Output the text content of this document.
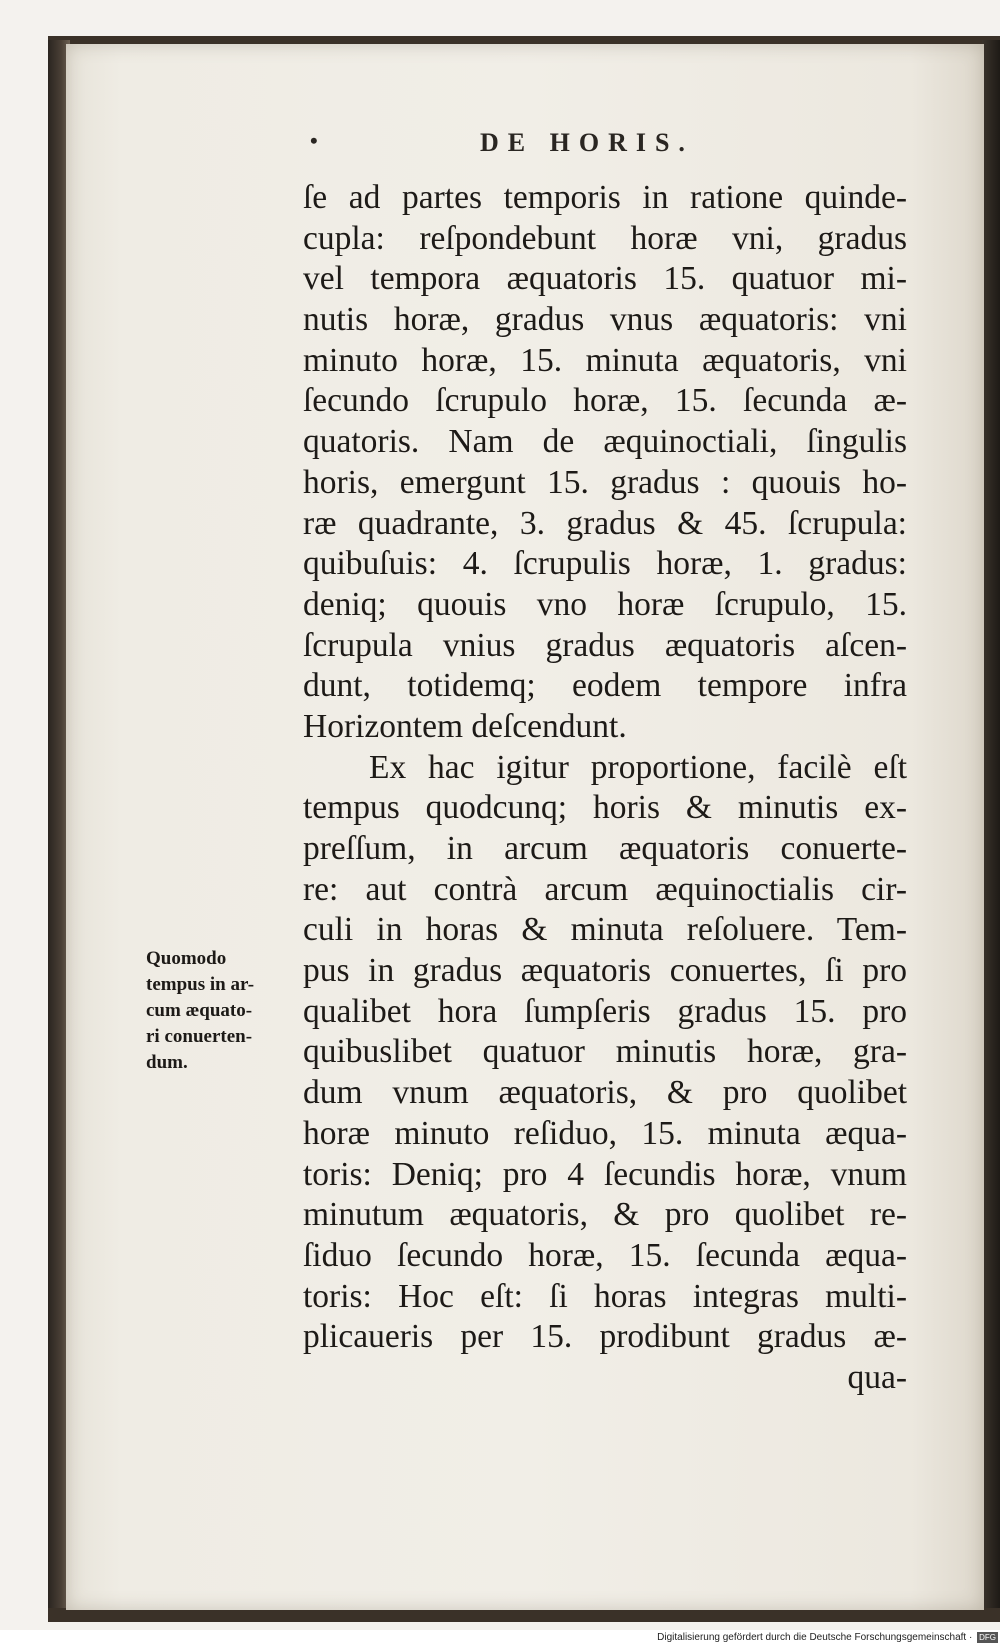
•	DE HORIS.
ſe ad partes temporis in ratione quinde-
cupla: reſpondebunt horæ vni, gradus
vel tempora æquatoris 15. quatuor mi-
nutis horæ, gradus vnus æquatoris: vni
minuto horæ, 15. minuta æquatoris, vni
ſecundo ſcrupulo horæ, 15. ſecunda æ-
quatoris. Nam de æquinoctiali, ſingulis
horis, emergunt 15. gradus : quouis ho-
ræ quadrante, 3. gradus & 45. ſcrupula:
quibuſuis: 4. ſcrupulis horæ, 1. gradus:
deniq; quouis vno horæ ſcrupulo, 15.
ſcrupula vnius gradus æquatoris aſcen-
dunt, totidemq; eodem tempore infra
Horizontem deſcendunt.
Ex hac igitur proportione, facilè eſt
tempus quodcunq; horis & minutis ex-
preſſum, in arcum æquatoris conuerte-
re: aut contrà arcum æquinoctialis cir-
culi in horas & minuta reſoluere. Tem-
pus in gradus æquatoris conuertes, ſi pro
qualibet hora ſumpſeris gradus 15. pro
quibuslibet quatuor minutis horæ, gra-
dum vnum æquatoris, & pro quolibet
horæ minuto reſiduo, 15. minuta æqua-
toris: Deniq; pro 4 ſecundis horæ, vnum
minutum æquatoris, & pro quolibet re-
ſiduo ſecundo horæ, 15. ſecunda æqua-
toris: Hoc eſt: ſi horas integras multi-
plicaueris per 15. prodibunt gradus æ-
qua-
Quomodo
tempus in ar-
cum æquato-
ri conuerten-
dum.
Digitalisierung gefördert durch die Deutsche Forschungsgemeinschaft · DFG
